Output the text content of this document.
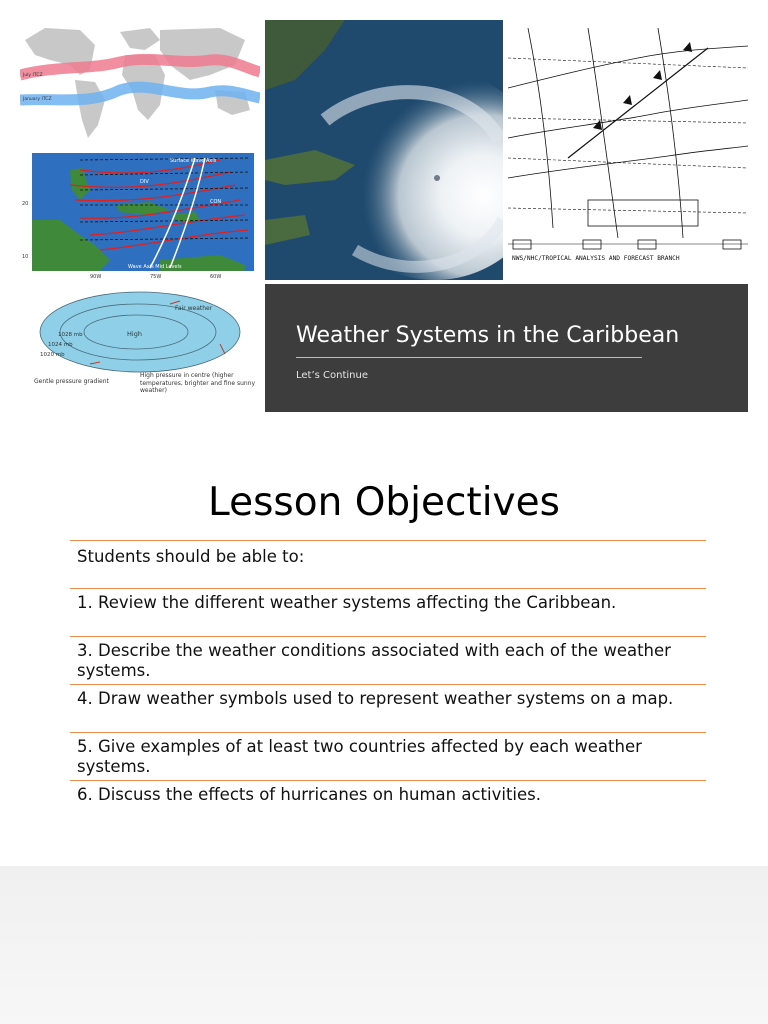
July ITCZ
January ITCZ
Surface Wave Axis
Wave Axis Mid Levels
DIV
CON
90W	75W	60W
20
10	NWS/NHC/TROPICAL ANALYSIS AND FORECAST BRANCH
Fair weather
High
1028 mb
1024 mb
1020 mb
Gentle pressure gradient
High pressure in centre (higher temperatures, brighter and fine sunny weather)
Weather Systems in the Caribbean
Let’s Continue
Lesson Objectives
Students should be able to:
1. Review the different weather systems affecting the Caribbean.
3. Describe the weather conditions associated with each of the weather systems.
4. Draw weather symbols used to represent weather systems on a map.
5. Give examples of at least two countries affected by each weather systems.
6. Discuss the effects of hurricanes on human activities.
